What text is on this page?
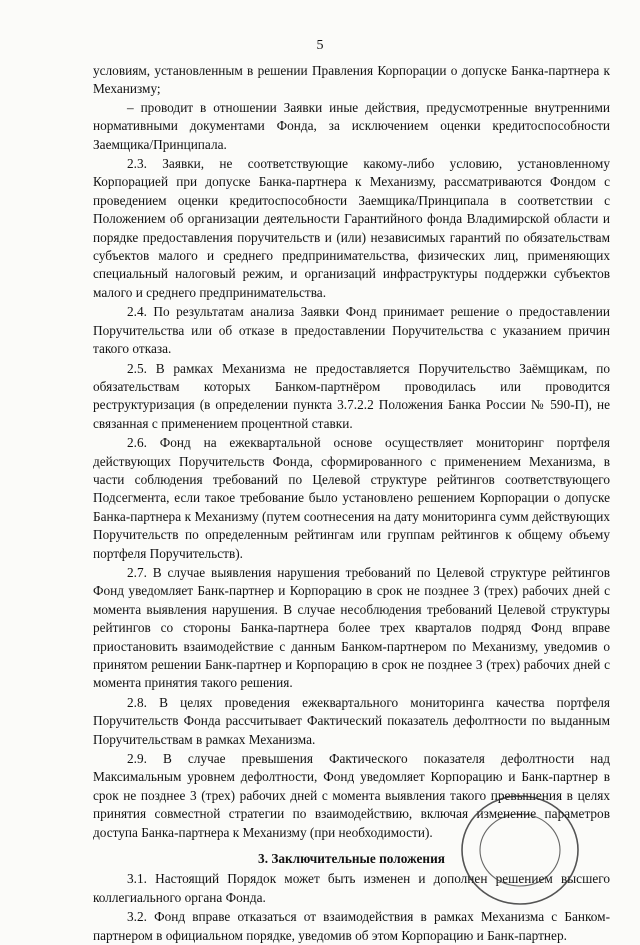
5

условиям, установленным в решении Правления Корпорации о допуске Банка-партнера к Механизму;

– проводит в отношении Заявки иные действия, предусмотренные внутренними нормативными документами Фонда, за исключением оценки кредитоспособности Заемщика/Принципала.

2.3. Заявки, не соответствующие какому-либо условию, установленному Корпорацией при допуске Банка-партнера к Механизму, рассматриваются Фондом с проведением оценки кредитоспособности Заемщика/Принципала в соответствии с Положением об организации деятельности Гарантийного фонда Владимирской области и порядке предоставления поручительств и (или) независимых гарантий по обязательствам субъектов малого и среднего предпринимательства, физических лиц, применяющих специальный налоговый режим, и организаций инфраструктуры поддержки субъектов малого и среднего предпринимательства.

2.4. По результатам анализа Заявки Фонд принимает решение о предоставлении Поручительства или об отказе в предоставлении Поручительства с указанием причин такого отказа.

2.5. В рамках Механизма не предоставляется Поручительство Заёмщикам, по обязательствам которых Банком-партнёром проводилась или проводится реструктуризация (в определении пункта 3.7.2.2 Положения Банка России № 590-П), не связанная с применением процентной ставки.

2.6. Фонд на ежеквартальной основе осуществляет мониторинг портфеля действующих Поручительств Фонда, сформированного с применением Механизма, в части соблюдения требований по Целевой структуре рейтингов соответствующего Подсегмента, если такое требование было установлено решением Корпорации о допуске Банка-партнера к Механизму (путем соотнесения на дату мониторинга сумм действующих Поручительств по определенным рейтингам или группам рейтингов к общему объему портфеля Поручительств).

2.7. В случае выявления нарушения требований по Целевой структуре рейтингов Фонд уведомляет Банк-партнер и Корпорацию в срок не позднее 3 (трех) рабочих дней с момента выявления нарушения. В случае несоблюдения требований Целевой структуры рейтингов со стороны Банка-партнера более трех кварталов подряд Фонд вправе приостановить взаимодействие с данным Банком-партнером по Механизму, уведомив о принятом решении Банк-партнер и Корпорацию в срок не позднее 3 (трех) рабочих дней с момента принятия такого решения.

2.8. В целях проведения ежеквартального мониторинга качества портфеля Поручительств Фонда рассчитывает Фактический показатель дефолтности по выданным Поручительствам в рамках Механизма.

2.9. В случае превышения Фактического показателя дефолтности над Максимальным уровнем дефолтности, Фонд уведомляет Корпорацию и Банк-партнер в срок не позднее 3 (трех) рабочих дней с момента выявления такого превышения в целях принятия совместной стратегии по взаимодействию, включая изменение параметров доступа Банка-партнера к Механизму (при необходимости).

3. Заключительные положения

3.1. Настоящий Порядок может быть изменен и дополнен решением высшего коллегиального органа Фонда.

3.2. Фонд вправе отказаться от взаимодействия в рамках Механизма с Банком-партнером в официальном порядке, уведомив об этом Корпорацию и Банк-партнер.
